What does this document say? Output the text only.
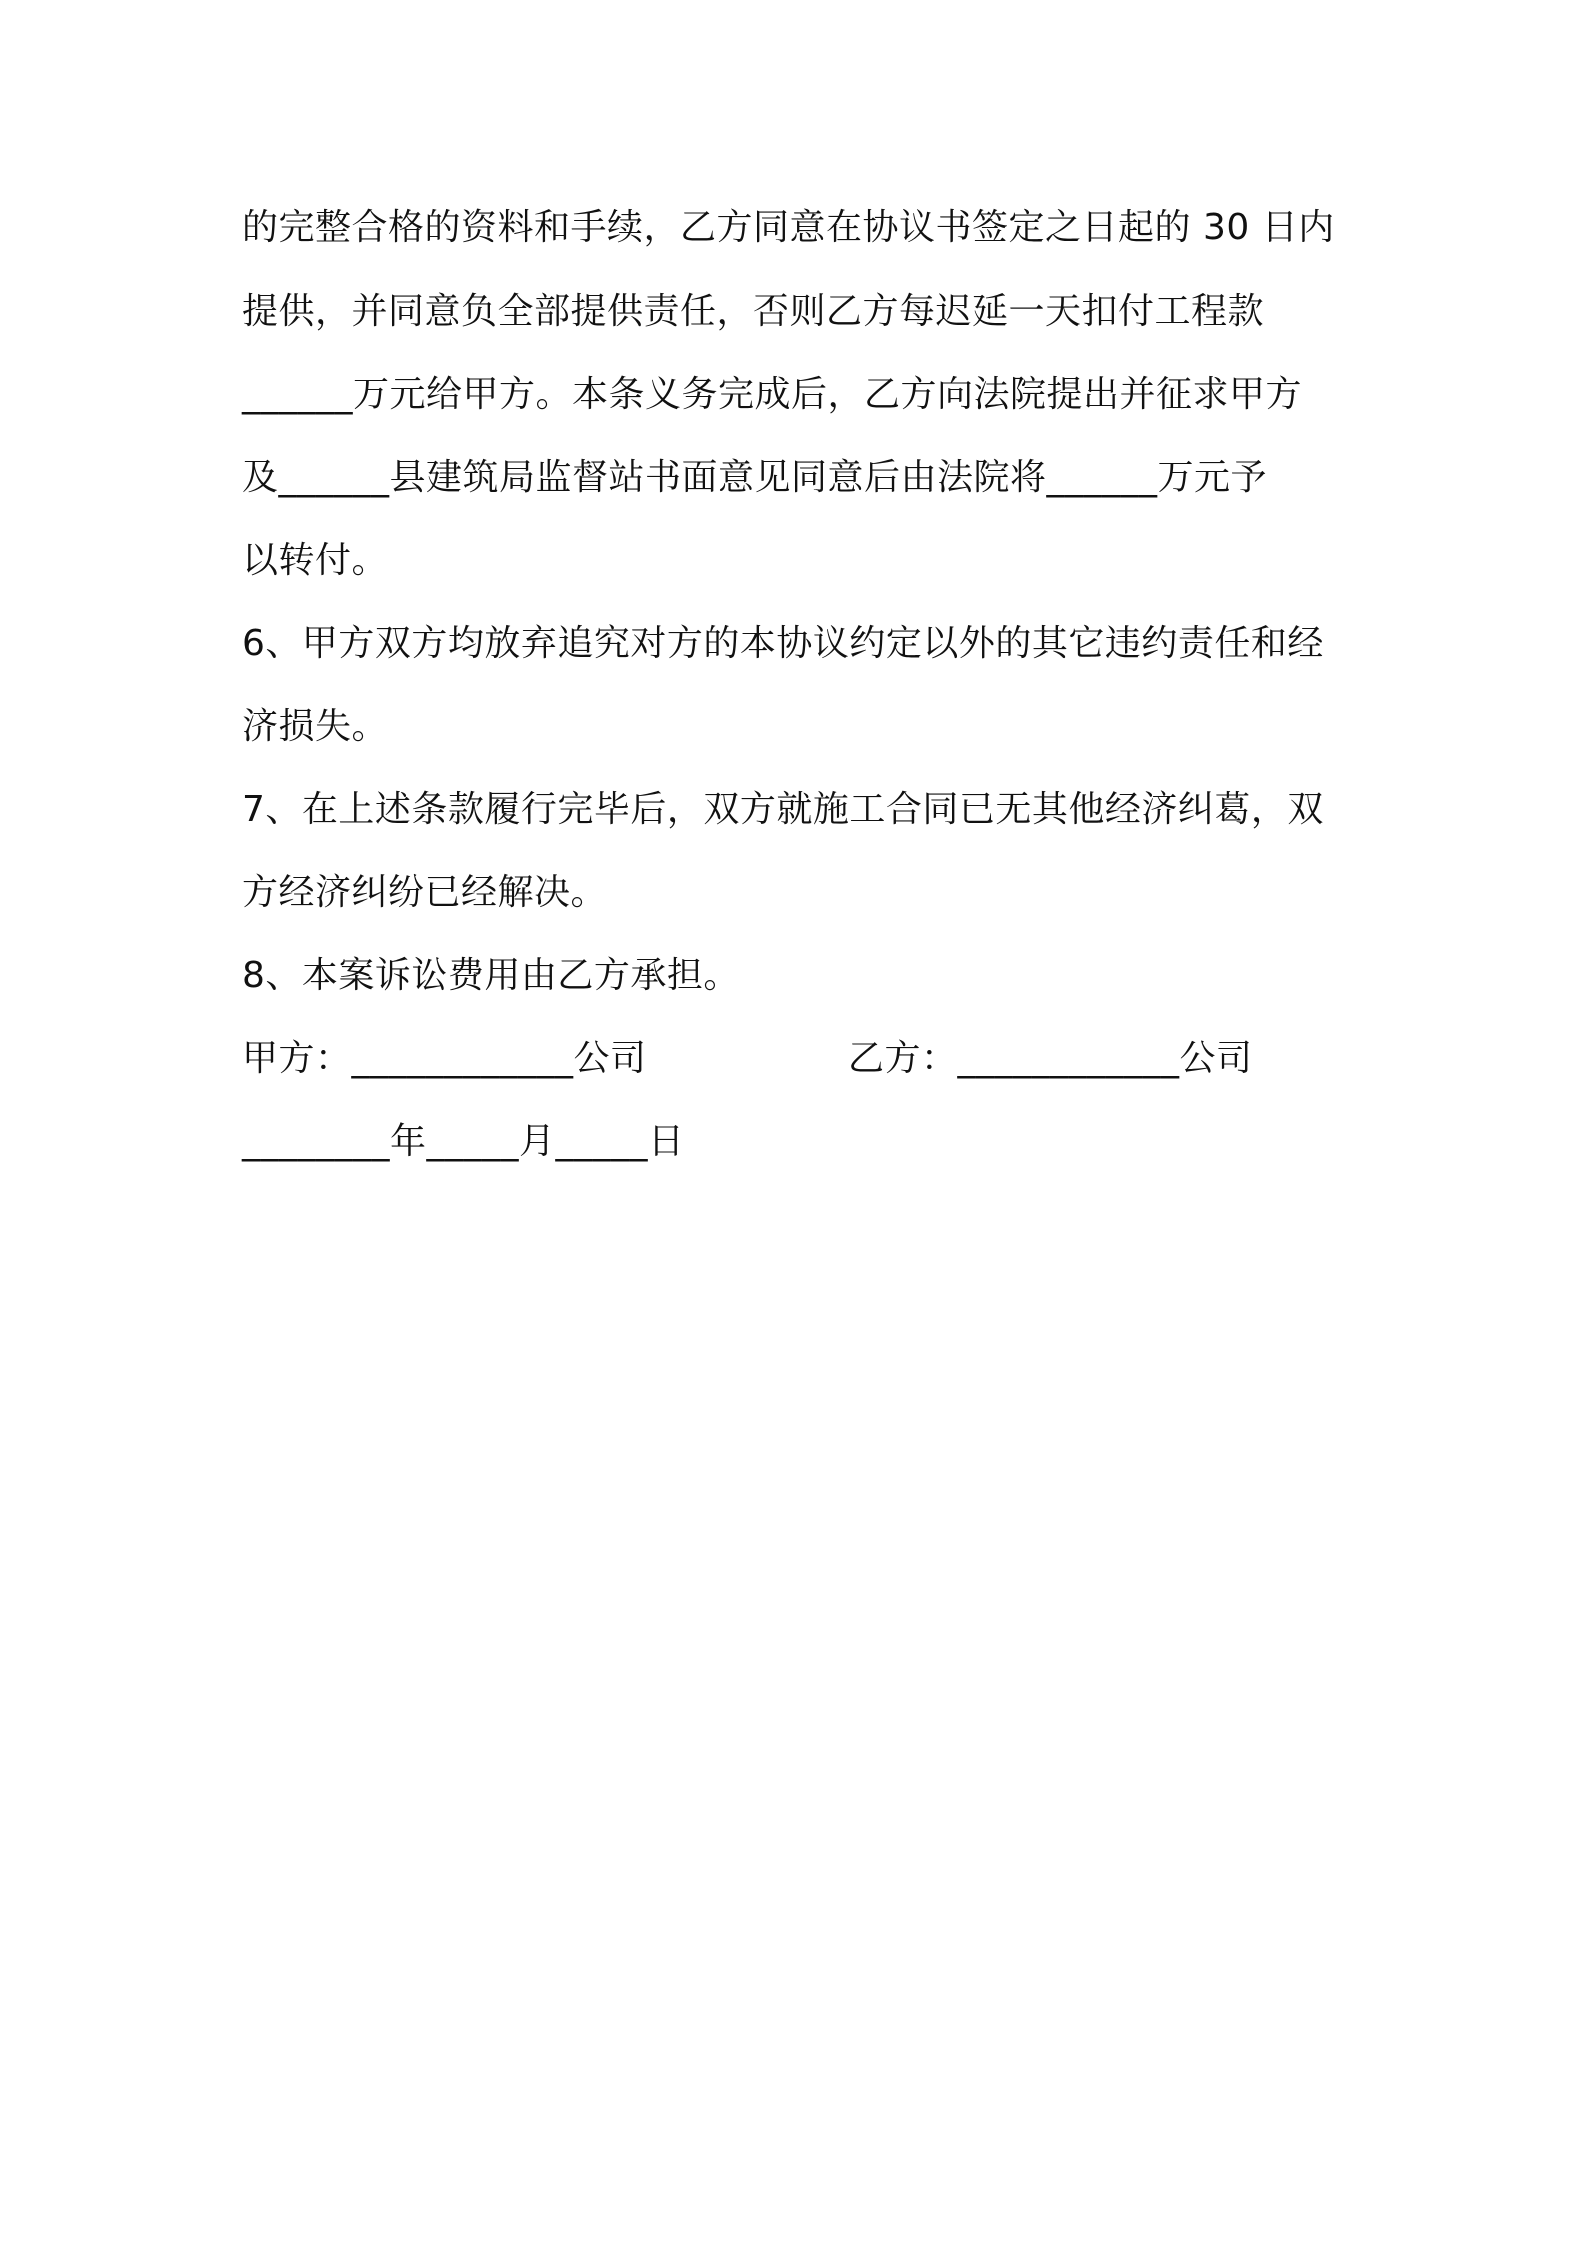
的完整合格的资料和手续，乙方同意在协议书签定之日起的 30 日内
提供，并同意负全部提供责任，否则乙方每迟延一天扣付工程款
______万元给甲方。本条义务完成后，乙方向法院提出并征求甲方
及______县建筑局监督站书面意见同意后由法院将______万元予
以转付。
6、甲方双方均放弃追究对方的本协议约定以外的其它违约责任和经
济损失。
7、在上述条款履行完毕后，双方就施工合同已无其他经济纠葛，双
方经济纠纷已经解决。
8、本案诉讼费用由乙方承担。
甲方：____________公司	乙方：____________公司
________年_____月_____日
